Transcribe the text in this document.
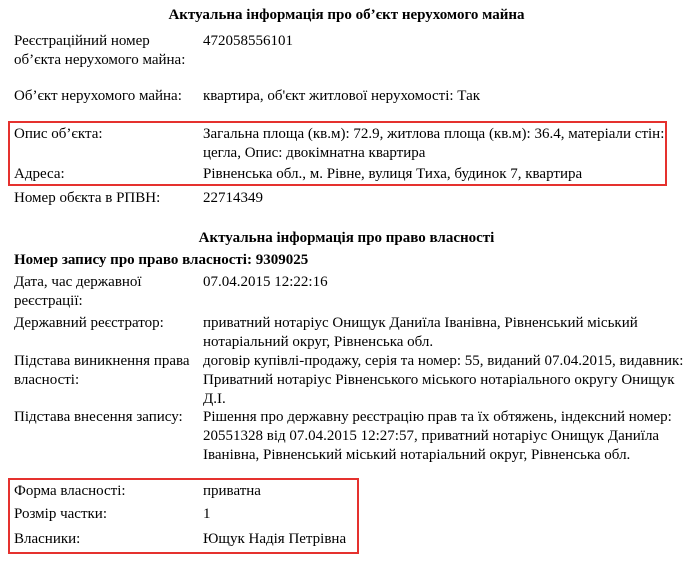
Актуальна інформація про об’єкт нерухомого майна
Реєстраційний номер об’єкта нерухомого майна:
472058556101
Об’єкт нерухомого майна:	квартира, об'єкт житлової нерухомості: Так
Опис об’єкта:	Загальна площа (кв.м): 72.9, житлова площа (кв.м): 36.4, матеріали стін: цегла, Опис: двокімнатна квартира
Адреса:	Рівненська обл., м. Рівне, вулиця Тиха, будинок 7, квартира
Номер обєкта в РПВН:	22714349
Актуальна інформація про право власності
Номер запису про право власності: 9309025
Дата, час державної реєстрації:
07.04.2015 12:22:16
Державний реєстратор:	приватний нотаріус Онищук Даниїла Іванівна, Рівненський міський нотаріальний округ, Рівненська обл.
Підстава виникнення права власності:
договір купівлі-продажу, серія та номер: 55, виданий 07.04.2015, видавник: Приватний нотаріус Рівненського міського нотаріального округу Онищук Д.І.
Підстава внесення запису:	Рішення про державну реєстрацію прав та їх обтяжень, індексний номер: 20551328 від 07.04.2015 12:27:57, приватний нотаріус Онищук Даниїла Іванівна, Рівненський міський нотаріальний округ, Рівненська обл.
Форма власності:	приватна
Розмір частки:	1
Власники:	Ющук Надія Петрівна
